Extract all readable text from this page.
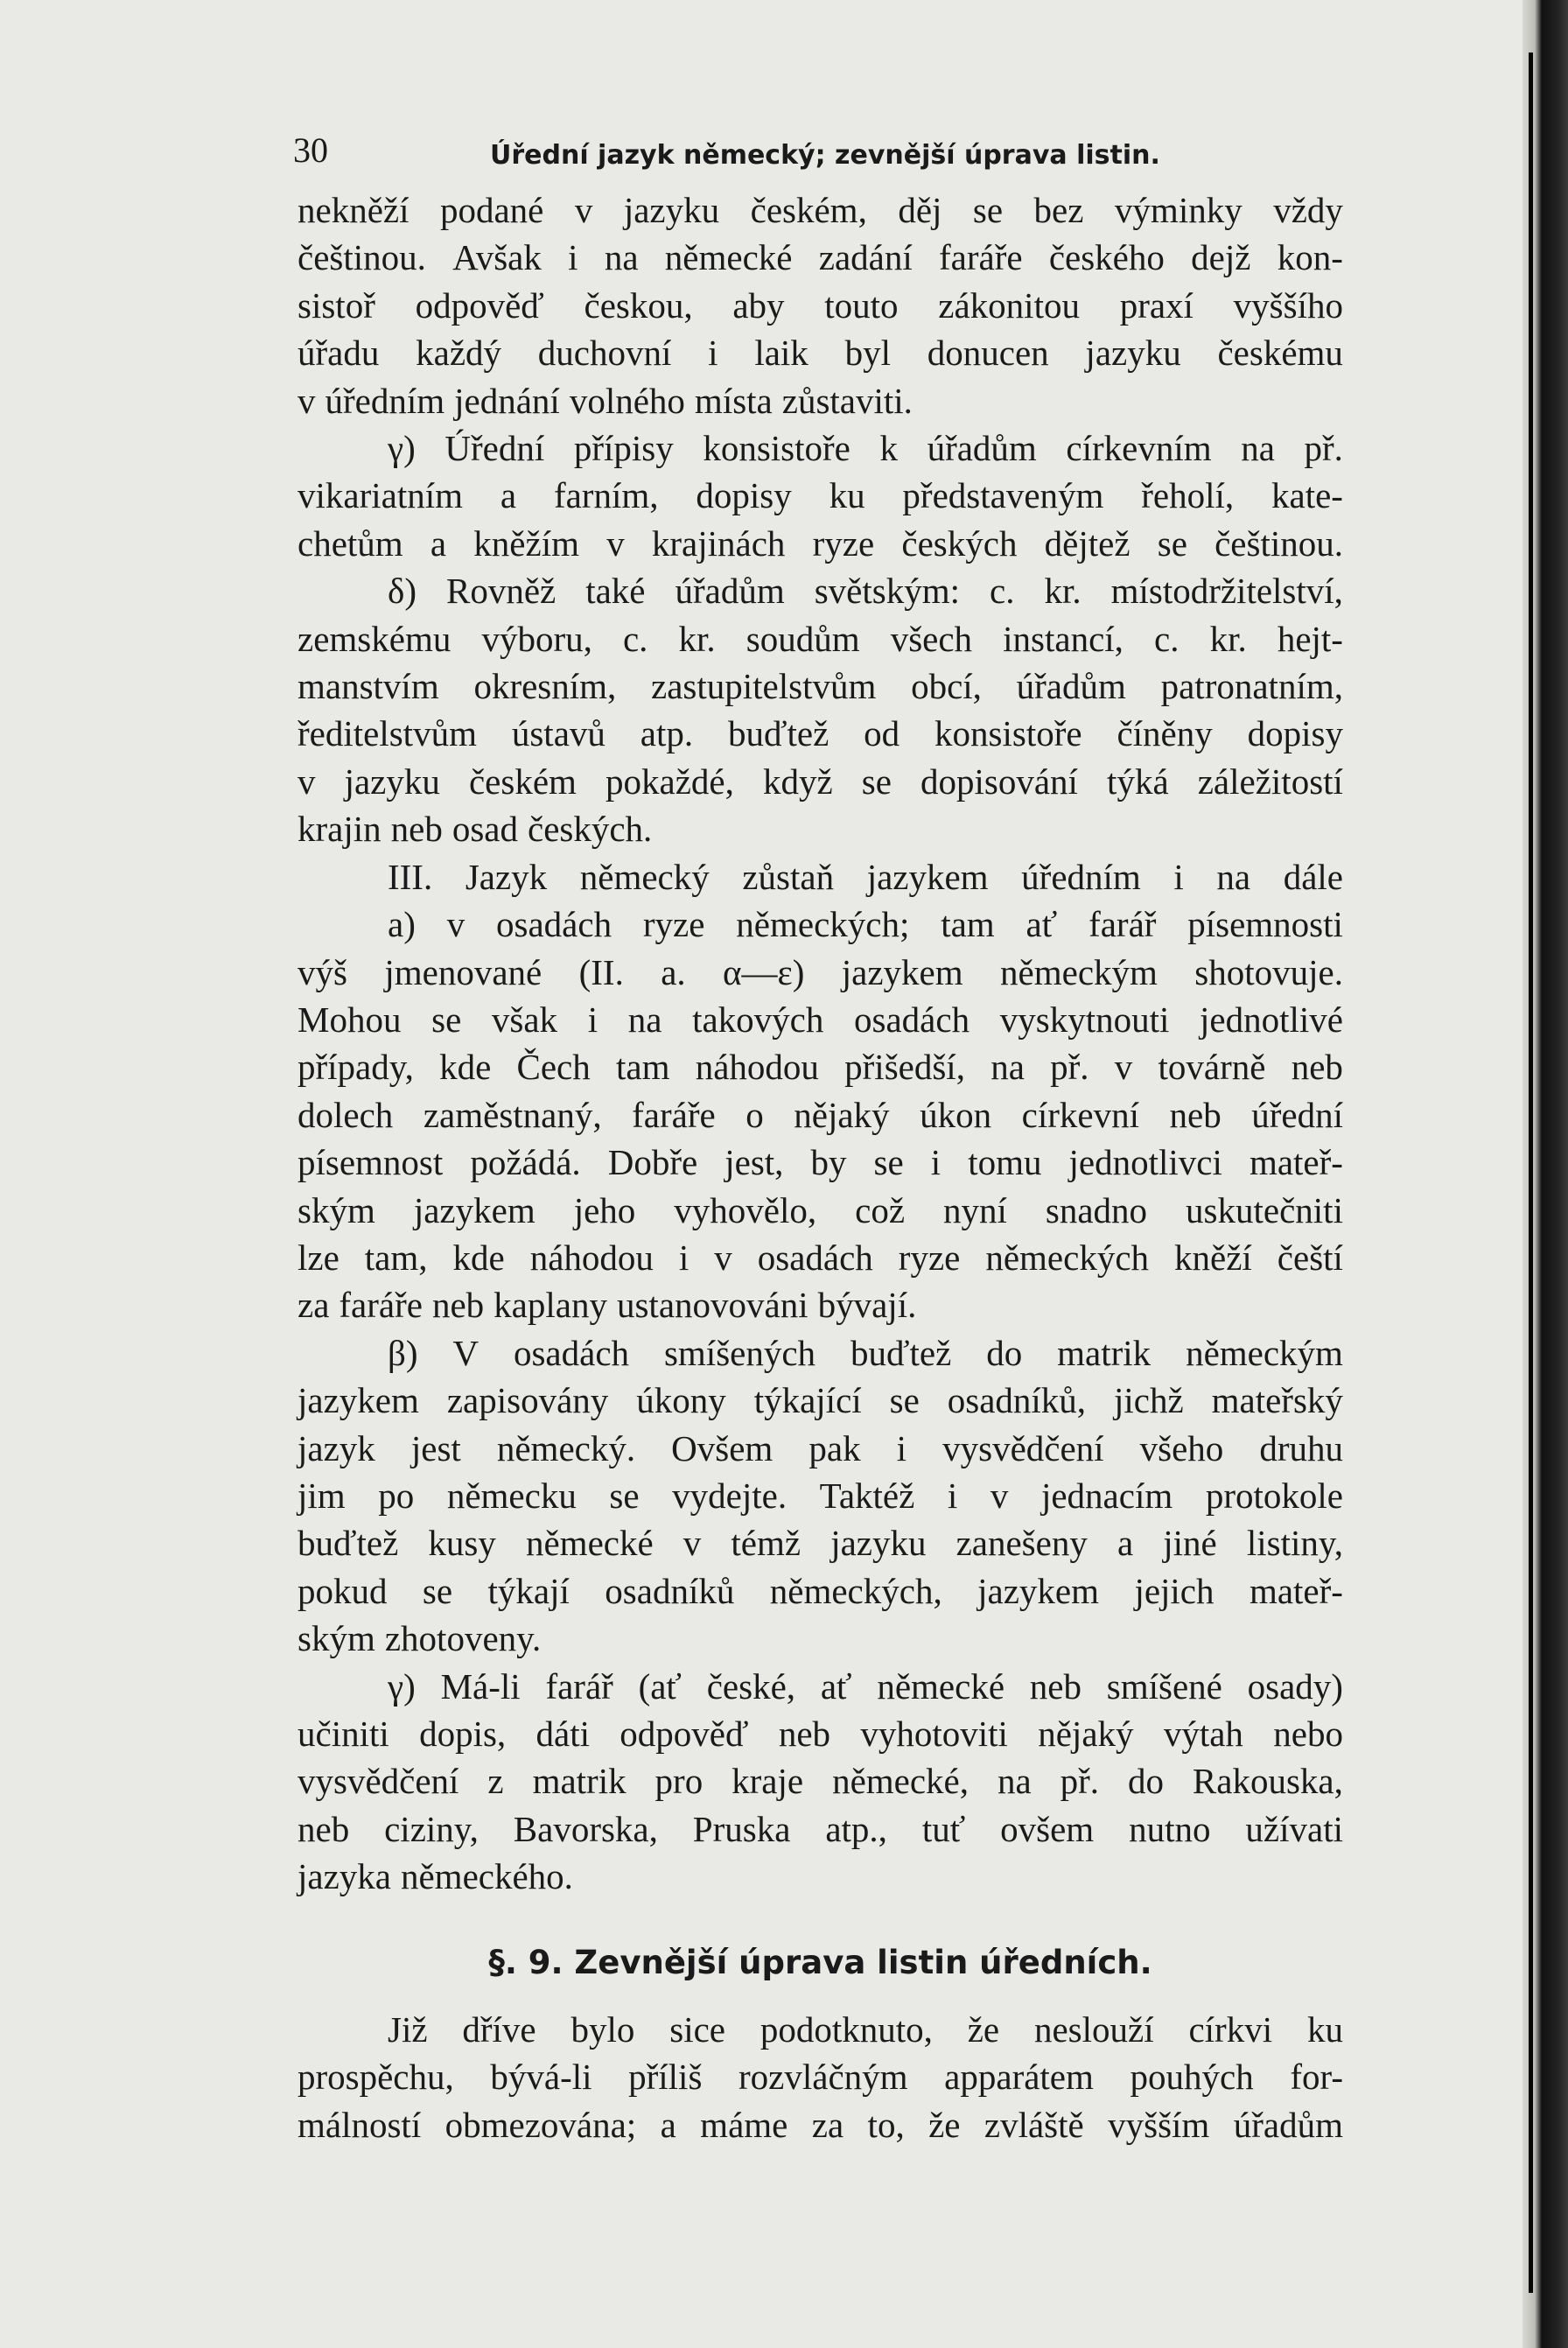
30	Úřední jazyk německý; zevnější úprava listin.
nekněží podané v jazyku českém, děj se bez výminky vždy
češtinou. Avšak i na německé zadání faráře českého dejž kon-
sistoř odpověď českou, aby touto zákonitou praxí vyššího
úřadu každý duchovní i laik byl donucen jazyku českému
v úředním jednání volného místa zůstaviti.
γ) Úřední přípisy konsistoře k úřadům církevním na př.
vikariatním a farním, dopisy ku představeným řeholí, kate-
chetům a kněžím v krajinách ryze českých dějtež se češtinou.
δ) Rovněž také úřadům světským: c. kr. místodržitelství,
zemskému výboru, c. kr. soudům všech instancí, c. kr. hejt-
manstvím okresním, zastupitelstvům obcí, úřadům patronatním,
ředitelstvům ústavů atp. buďtež od konsistoře číněny dopisy
v jazyku českém pokaždé, když se dopisování týká záležitostí
krajin neb osad českých.
III. Jazyk německý zůstaň jazykem úředním i na dále
a) v osadách ryze německých; tam ať farář písemnosti
výš jmenované (II. a. α—ε) jazykem německým shotovuje.
Mohou se však i na takových osadách vyskytnouti jednotlivé
případy, kde Čech tam náhodou přišedší, na př. v továrně neb
dolech zaměstnaný, faráře o nějaký úkon církevní neb úřední
písemnost požádá. Dobře jest, by se i tomu jednotlivci mateř-
ským jazykem jeho vyhovělo, což nyní snadno uskutečniti
lze tam, kde náhodou i v osadách ryze německých kněží čeští
za faráře neb kaplany ustanovováni bývají.
β) V osadách smíšených buďtež do matrik německým
jazykem zapisovány úkony týkající se osadníků, jichž mateřský
jazyk jest německý. Ovšem pak i vysvědčení všeho druhu
jim po německu se vydejte. Taktéž i v jednacím protokole
buďtež kusy německé v témž jazyku zanešeny a jiné listiny,
pokud se týkají osadníků německých, jazykem jejich mateř-
ským zhotoveny.
γ) Má-li farář (ať české, ať německé neb smíšené osady)
učiniti dopis, dáti odpověď neb vyhotoviti nějaký výtah nebo
vysvědčení z matrik pro kraje německé, na př. do Rakouska,
neb ciziny, Bavorska, Pruska atp., tuť ovšem nutno užívati
jazyka německého.
§. 9. Zevnější úprava listin úředních.
Již dříve bylo sice podotknuto, že neslouží církvi ku
prospěchu, bývá-li příliš rozvláčným apparátem pouhých for-
málností obmezována; a máme za to, že zvláště vyšším úřadům
